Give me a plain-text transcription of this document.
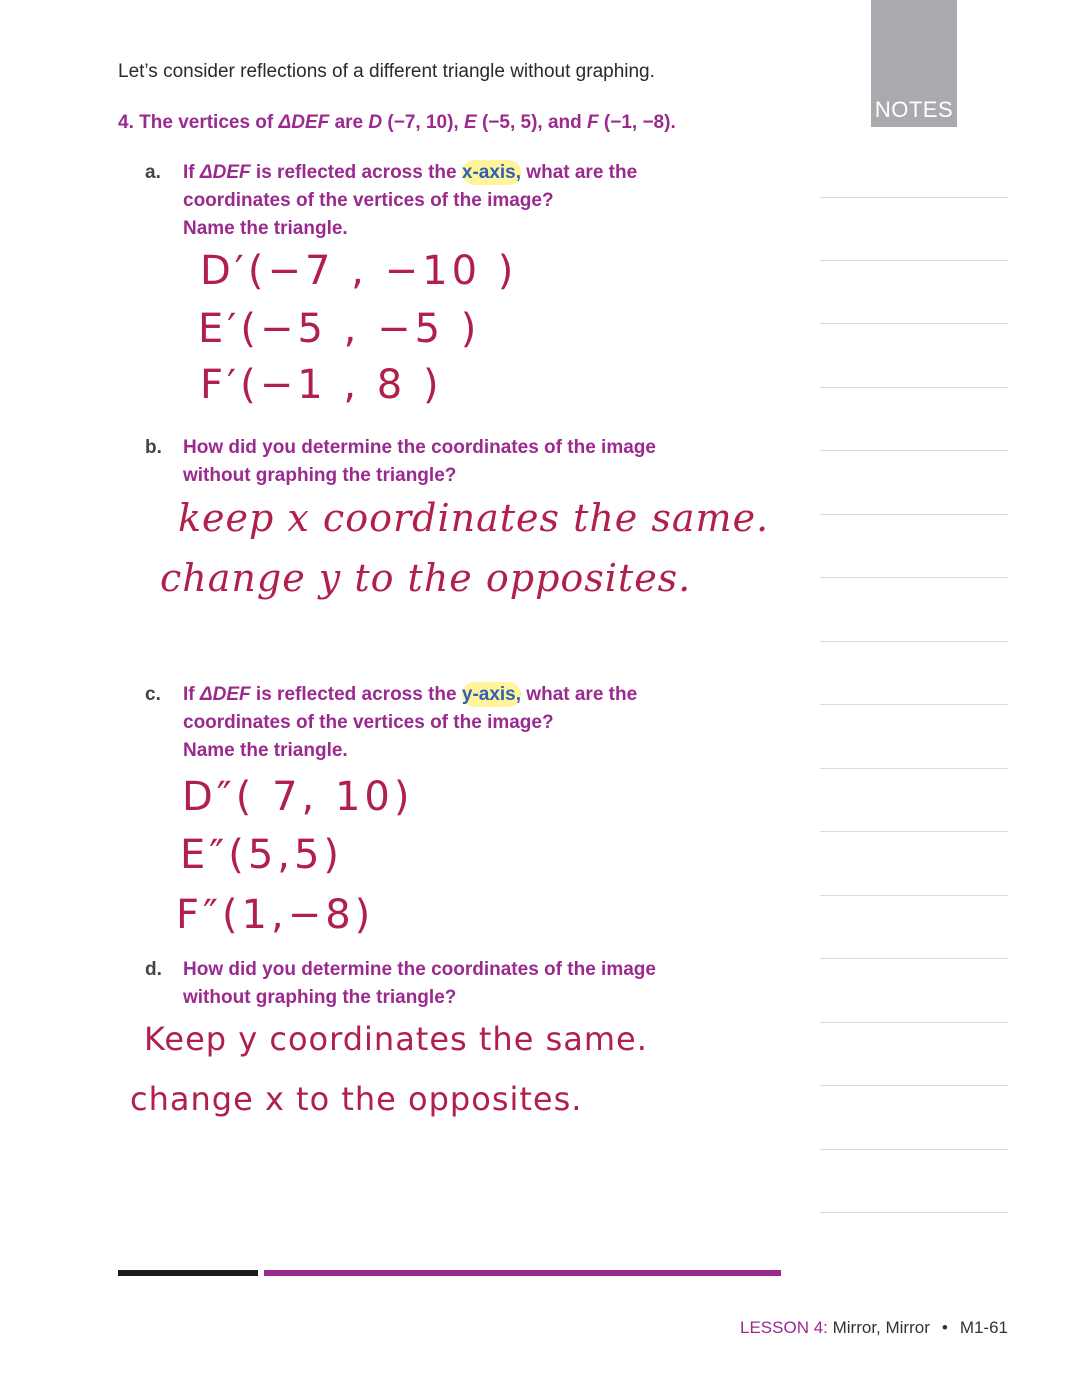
Let’s consider reflections of a different triangle without graphing.
4. The vertices of ΔDEF are D (−7, 10), E (−5, 5), and F (−1, −8).
a. If ΔDEF is reflected across the x-axis, what are the
coordinates of the vertices of the image?
Name the triangle.
D′(−7 , −10 )
E′(−5 , −5 )
F′(−1 , 8 )
b. How did you determine the coordinates of the image
without graphing the triangle?
keep x coordinates the same.
change y to the opposites.
c. If ΔDEF is reflected across the y-axis, what are the
coordinates of the vertices of the image?
Name the triangle.
D″( 7, 10)
E″(5,5)
F″(1,−8)
d. How did you determine the coordinates of the image
without graphing the triangle?
Keep y coordinates the same.
change x to the opposites.
NOTES
LESSON 4: Mirror, Mirror • M1-61
